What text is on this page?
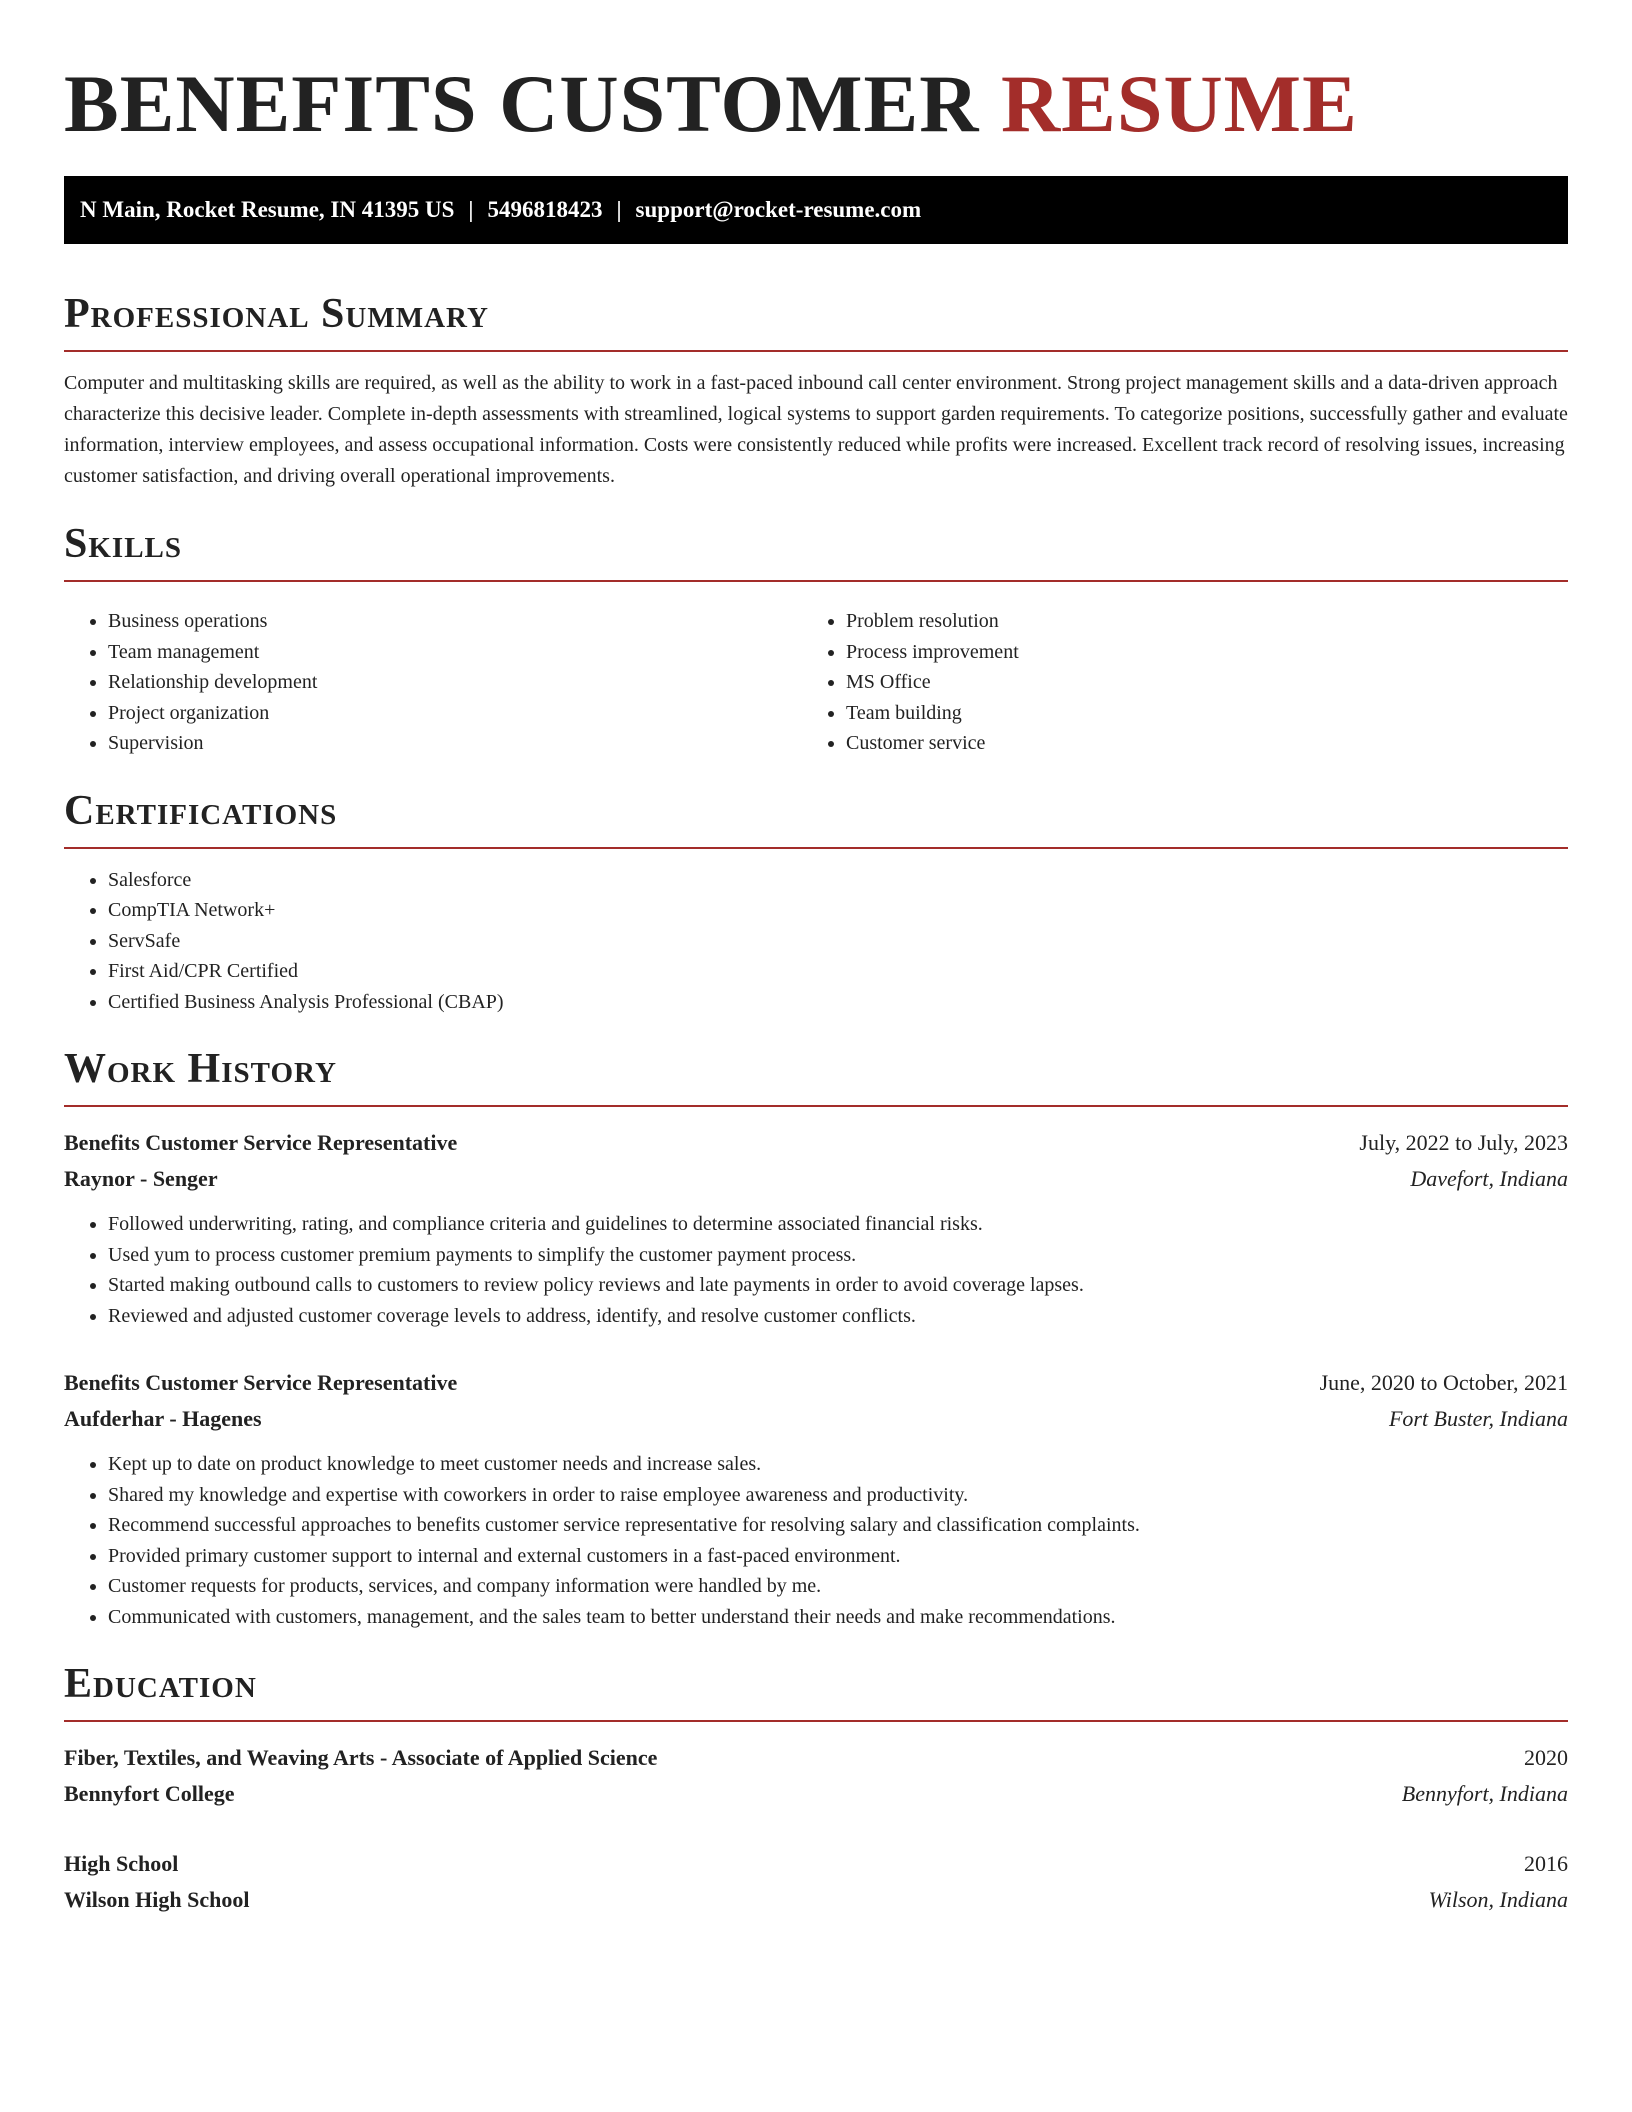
BENEFITS CUSTOMER RESUME
N Main, Rocket Resume, IN 41395 US | 5496818423 | support@rocket-resume.com
Professional Summary

Computer and multitasking skills are required, as well as the ability to work in a fast-paced inbound call center environment. Strong project management skills and a data-driven approach characterize this decisive leader. Complete in-depth assessments with streamlined, logical systems to support garden requirements. To categorize positions, successfully gather and evaluate information, interview employees, and assess occupational information. Costs were consistently reduced while profits were increased. Excellent track record of resolving issues, increasing customer satisfaction, and driving overall operational improvements.

Skills
• Business operations
• Team management
• Relationship development
• Project organization
• Supervision
• Problem resolution
• Process improvement
• MS Office
• Team building
• Customer service
Certifications
• Salesforce
• CompTIA Network+
• ServSafe
• First Aid/CPR Certified
• Certified Business Analysis Professional (CBAP)
Work History
Benefits Customer Service Representative	July, 2022 to July, 2023
Raynor - Senger	Davefort, Indiana
• Followed underwriting, rating, and compliance criteria and guidelines to determine associated financial risks.
• Used yum to process customer premium payments to simplify the customer payment process.
• Started making outbound calls to customers to review policy reviews and late payments in order to avoid coverage lapses.
• Reviewed and adjusted customer coverage levels to address, identify, and resolve customer conflicts.
Benefits Customer Service Representative	June, 2020 to October, 2021
Aufderhar - Hagenes	Fort Buster, Indiana
• Kept up to date on product knowledge to meet customer needs and increase sales.
• Shared my knowledge and expertise with coworkers in order to raise employee awareness and productivity.
• Recommend successful approaches to benefits customer service representative for resolving salary and classification complaints.
• Provided primary customer support to internal and external customers in a fast-paced environment.
• Customer requests for products, services, and company information were handled by me.
• Communicated with customers, management, and the sales team to better understand their needs and make recommendations.
Education
Fiber, Textiles, and Weaving Arts - Associate of Applied Science	2020
Bennyfort College	Bennyfort, Indiana
High School	2016
Wilson High School	Wilson, Indiana
